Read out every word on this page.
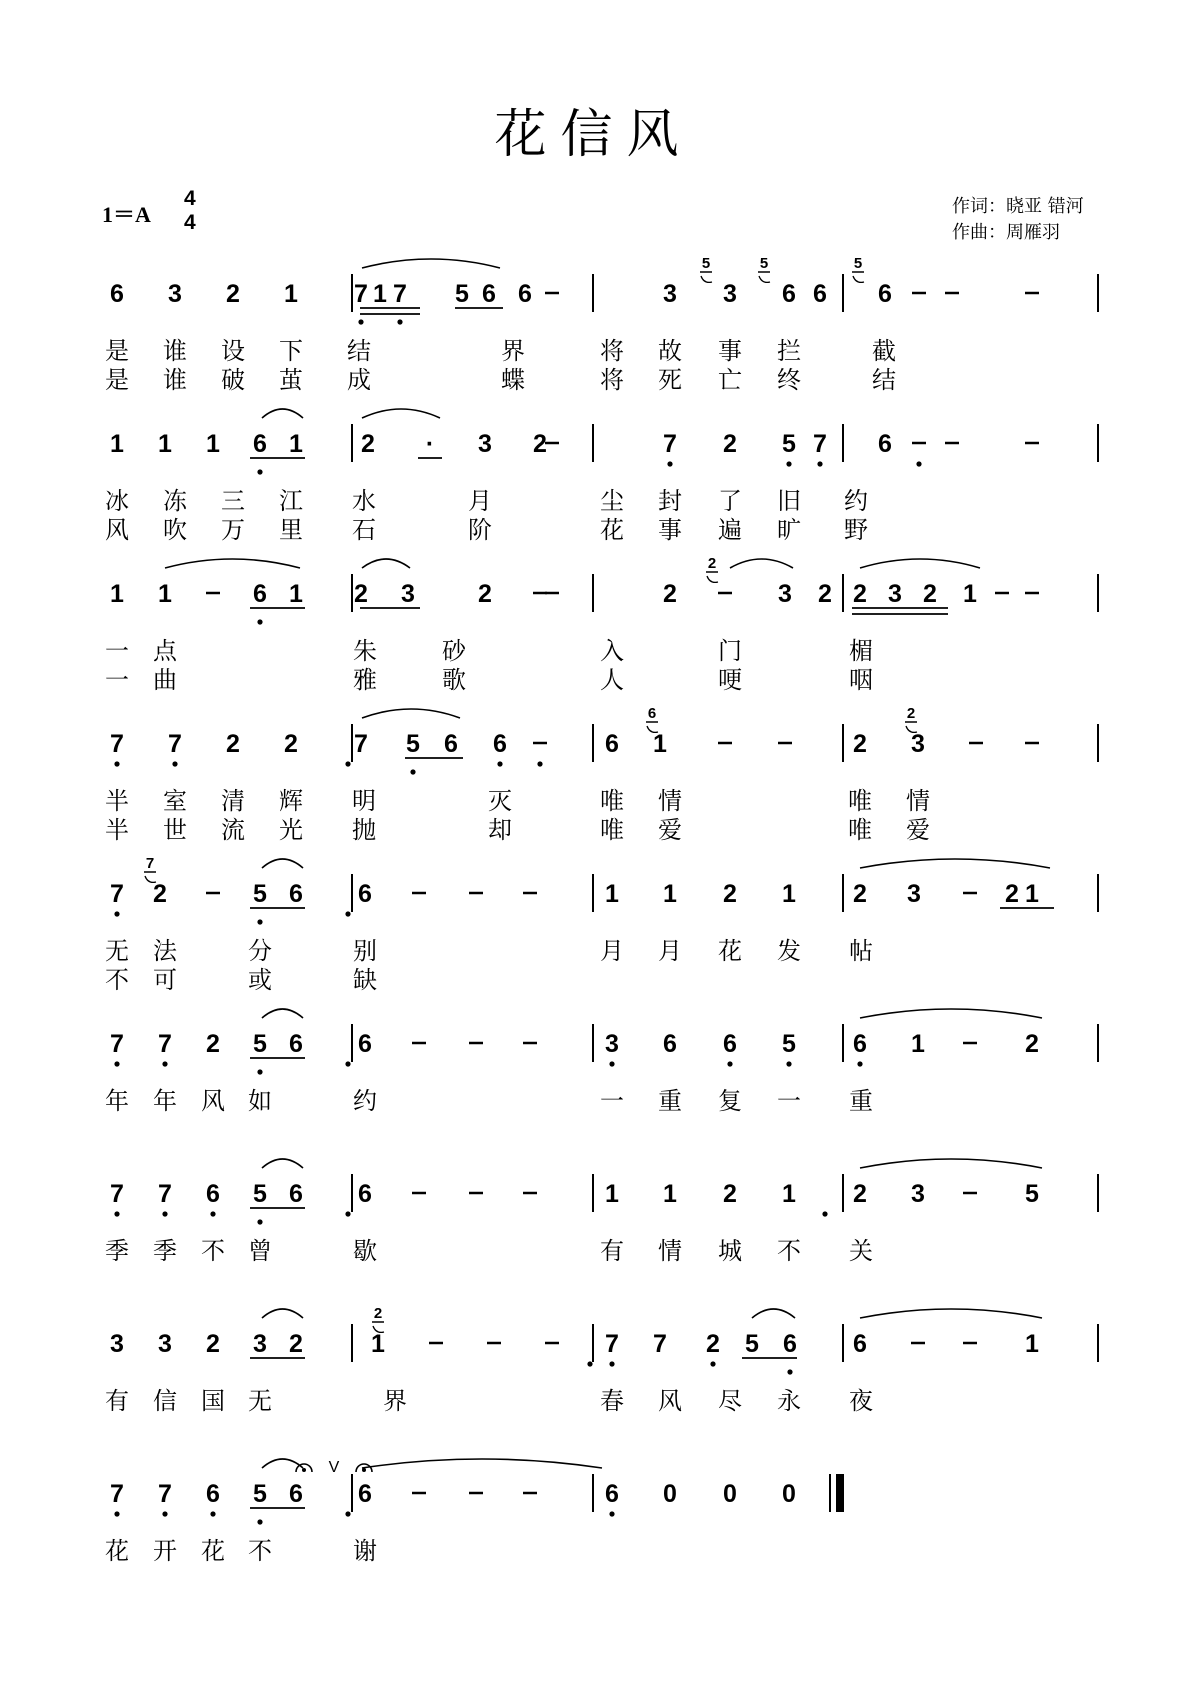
花信风
1＝A
4
4
作词：晓亚 错河
作曲：周雁羽
6 3 2 1 7 1 7 5 6 6	3 3 6 6 6
5	5	5
是 谁 设 下 结	界	将 故 事 拦	截
是 谁 破 茧 成	蝶	将 死 亡 终	结
1 1 1 6 1 2 · 3 2	7 2 5 7 6
冰 冻 三 江 水	月	尘 封 了 旧 约
风 吹 万 里 石	阶	花 事 遍 旷 野
1 1	6 1 2 3	2	2	3 2 2 3 2 1
2
一 点	朱	砂	入	门	楣
一 曲	雅	歌	人	哽	咽
7 7 2 2 7 5 6 6	6 1	2 3
6	2
半 室 清 辉 明	灭	唯 情	唯 情
半 世 流 光 抛	却	唯 爱	唯 爱
7 2	5 6 6	1 1 2 1 2 3	2 1
7
无 法	分	别	月 月 花 发 帖
不 可	或	缺
7 7 2 5 6 6	3 6 6 5 6 1	2
年 年 风 如	约	一 重 复 一 重
7 7 6 5 6 6	1 1 2 1 2 3	5
季 季 不 曾	歇	有 情 城 不 关
3 3 2 3 2	1	7 7 2 5 6 6	1
2
有 信 国 无	界	春 风 尽 永 夜
7 7 6 5 6 6	6 0 0 0
花 开 花 不	谢
V
